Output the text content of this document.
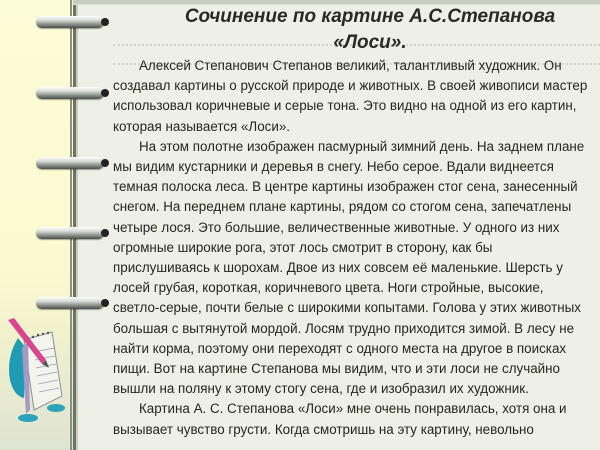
Сочинение по картине А.С.Степанова
«Лоси».

Алексей Степанович Степанов великий, талантливый художник. Он создавал картины о русской природе и животных. В своей живописи мастер использовал коричневые и серые тона. Это видно на одной из его картин, которая называется «Лоси».

На этом полотне изображен пасмурный зимний день. На заднем плане мы видим кустарники и деревья в снегу. Небо серое. Вдали виднеется темная полоска леса. В центре картины изображен стог сена, занесенный снегом. На переднем плане картины, рядом со стогом сена, запечатлены четыре лося. Это большие, величественные животные. У одного из них огромные широкие рога, этот лось смотрит в сторону, как бы прислушиваясь к шорохам. Двое из них совсем её маленькие. Шерсть у лосей грубая, короткая, коричневого цвета. Ноги стройные, высокие, светло-серые, почти белые с широкими копытами. Голова у этих животных большая с вытянутой мордой. Лосям трудно приходится зимой. В лесу не найти корма, поэтому они переходят с одного места на другое в поисках пищи. Вот на картине Степанова мы видим, что и эти лоси не случайно вышли на поляну к этому стогу сена, где и изобразил их художник.

Картина А. С. Степанова «Лоси» мне очень понравилась, хотя она и вызывает чувство грусти. Когда смотришь на эту картину, невольно
